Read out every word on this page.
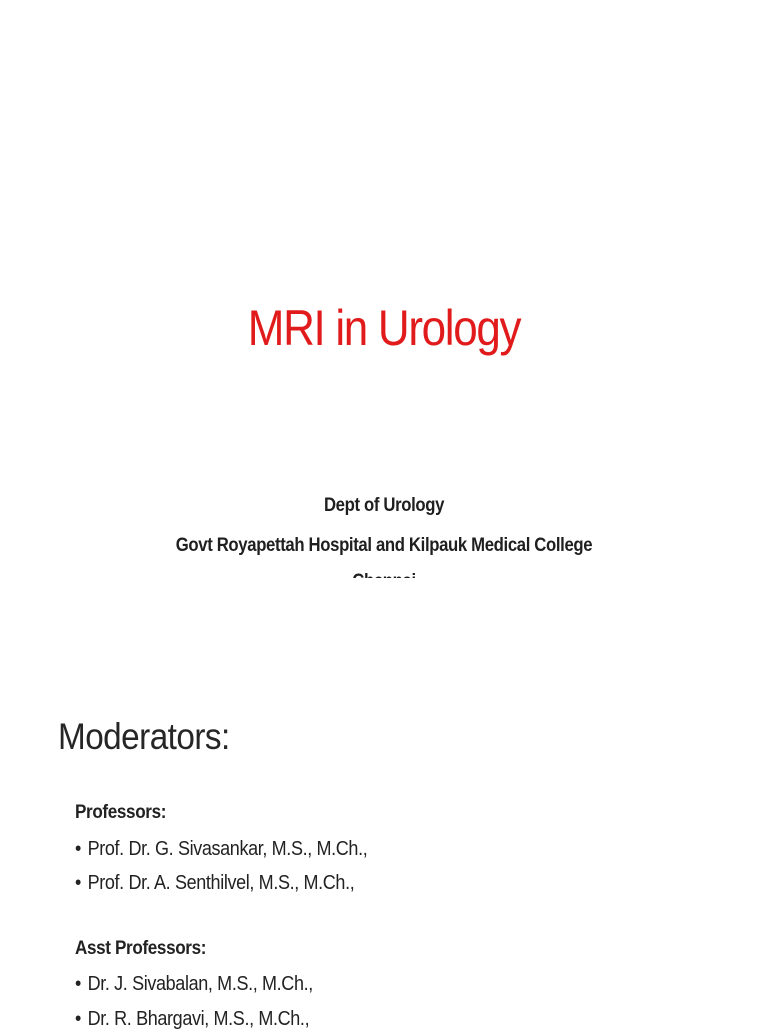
MRI in Urology
Dept of Urology
Govt Royapettah Hospital and Kilpauk Medical College
Moderators:
Professors:
• Prof. Dr. G. Sivasankar, M.S., M.Ch.,
• Prof. Dr. A. Senthilvel, M.S., M.Ch.,
Asst Professors:
• Dr. J. Sivabalan, M.S., M.Ch.,
• Dr. R. Bhargavi, M.S., M.Ch.,
